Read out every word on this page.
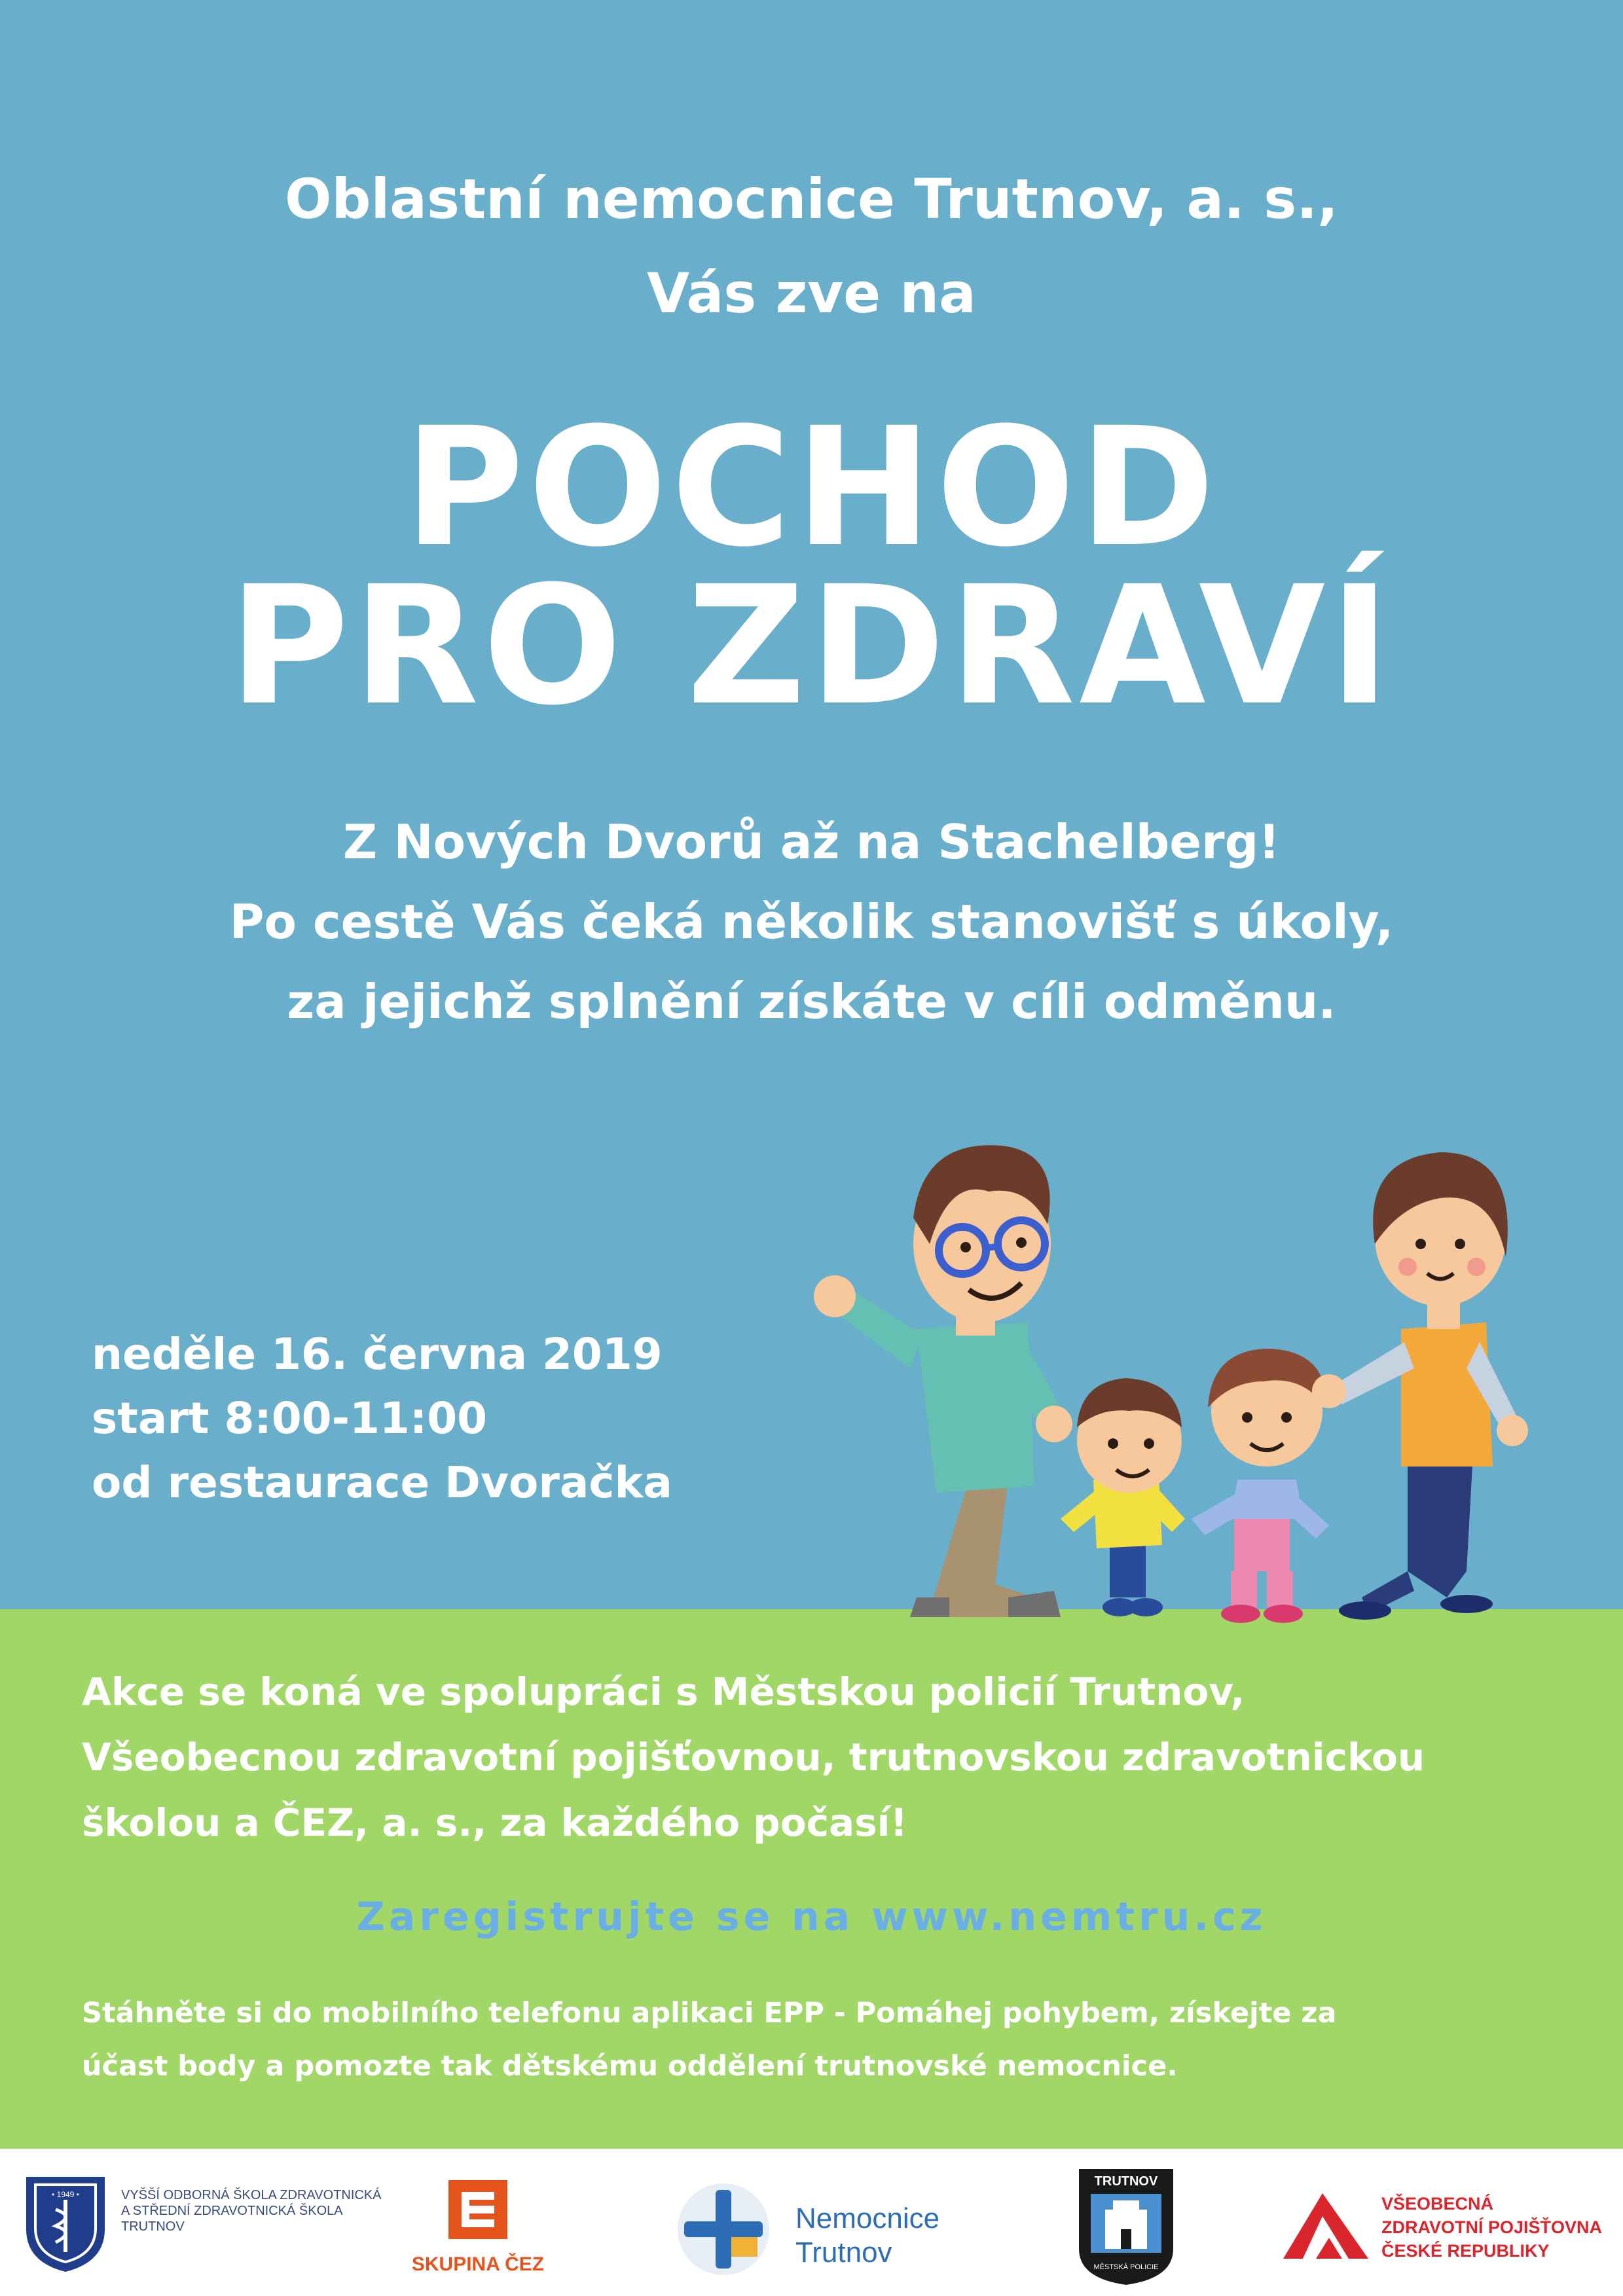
Oblastní nemocnice Trutnov, a. s.,
Vás zve na
POCHOD
PRO ZDRAVÍ
Z Nových Dvorů až na Stachelberg!
Po cestě Vás čeká několik stanovišť s úkoly,
za jejichž splnění získáte v cíli odměnu.
neděle 16. června 2019
start 8:00-11:00
od restaurace Dvoračka
Akce se koná ve spolupráci s Městskou policií Trutnov,
Všeobecnou zdravotní pojišťovnou, trutnovskou zdravotnickou
školou a ČEZ, a. s., za každého počasí!
Zaregistrujte se na www.nemtru.cz
Stáhněte si do mobilního telefonu aplikaci EPP - Pomáhej pohybem, získejte za
účast body a pomozte tak dětskému oddělení trutnovské nemocnice.
• 1949 •	VYŠŠÍ ODBORNÁ ŠKOLA ZDRAVOTNICKÁ
A STŘEDNÍ ZDRAVOTNICKÁ ŠKOLA
TRUTNOV
SKUPINA ČEZ
Nemocnice
Trutnov
TRUTNOV
MĚSTSKÁ POLICIE
VŠEOBECNÁ
ZDRAVOTNÍ POJIŠŤOVNA
ČESKÉ REPUBLIKY
